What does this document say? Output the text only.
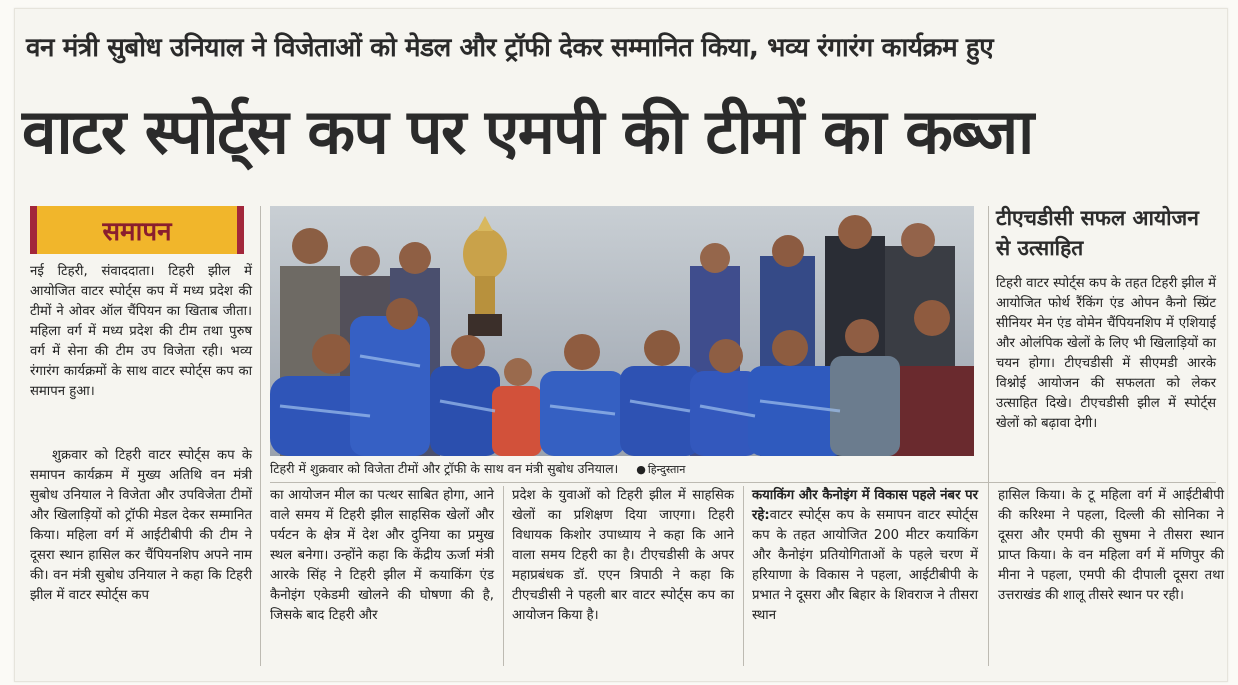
वन मंत्री सुबोध उनियाल ने विजेताओं को मेडल और ट्रॉफी देकर सम्मानित किया, भव्य रंगारंग कार्यक्रम हुए
वाटर स्पोर्ट्स कप पर एमपी की टीमों का कब्जा
समापन

नई टिहरी, संवाददाता। टिहरी झील में आयोजित वाटर स्पोर्ट्स कप में मध्य प्रदेश की टीमों ने ओवर ऑल चैंपियन का खिताब जीता। महिला वर्ग में मध्य प्रदेश की टीम तथा पुरुष वर्ग में सेना की टीम उप विजेता रही। भव्य रंगारंग कार्यक्रमों के साथ वाटर स्पोर्ट्स कप का समापन हुआ।

शुक्रवार को टिहरी वाटर स्पोर्ट्स कप के समापन कार्यक्रम में मुख्य अतिथि वन मंत्री सुबोध उनियाल ने विजेता और उपविजेता टीमों और खिलाड़ियों को ट्रॉफी मेडल देकर सम्मानित किया। महिला वर्ग में आईटीबीपी की टीम ने दूसरा स्थान हासिल कर चैंपियनशिप अपने नाम की। वन मंत्री सुबोध उनियाल ने कहा कि टिहरी झील में वाटर स्पोर्ट्स कप

टिहरी में शुक्रवार को विजेता टीमों और ट्रॉफी के साथ वन मंत्री सुबोध उनियाल। ● हिन्दुस्तान
टीएचडीसी सफल आयोजन से उत्साहित

टिहरी वाटर स्पोर्ट्स कप के तहत टिहरी झील में आयोजित फोर्थ रैंकिंग एंड ओपन कैनो स्प्रिंट सीनियर मेन एंड वोमेन चैंपियनशिप में एशियाई और ओलंपिक खेलों के लिए भी खिलाड़ियों का चयन होगा। टीएचडीसी में सीएमडी आरके विश्नोई आयोजन की सफलता को लेकर उत्साहित दिखे। टीएचडीसी झील में स्पोर्ट्स खेलों को बढ़ावा देगी।

का आयोजन मील का पत्थर साबित होगा, आने वाले समय में टिहरी झील साहसिक खेलों और पर्यटन के क्षेत्र में देश और दुनिया का प्रमुख स्थल बनेगा। उन्होंने कहा कि केंद्रीय ऊर्जा मंत्री आरके सिंह ने टिहरी झील में कयाकिंग एंड कैनोइंग एकेडमी खोलने की घोषणा की है, जिसके बाद टिहरी और

प्रदेश के युवाओं को टिहरी झील में साहसिक खेलों का प्रशिक्षण दिया जाएगा। टिहरी विधायक किशोर उपाध्याय ने कहा कि आने वाला समय टिहरी का है। टीएचडीसी के अपर महाप्रबंधक डॉ. एएन त्रिपाठी ने कहा कि टीएचडीसी ने पहली बार वाटर स्पोर्ट्स कप का आयोजन किया है।

कयाकिंग और कैनोइंग में विकास पहले नंबर पर रहे:वाटर स्पोर्ट्स कप के समापन वाटर स्पोर्ट्स कप के तहत आयोजित 200 मीटर कयाकिंग और कैनोइंग प्रतियोगिताओं के पहले चरण में हरियाणा के विकास ने पहला, आईटीबीपी के प्रभात ने दूसरा और बिहार के शिवराज ने तीसरा स्थान

हासिल किया। के टू महिला वर्ग में आईटीबीपी की करिश्मा ने पहला, दिल्ली की सोनिका ने दूसरा और एमपी की सुषमा ने तीसरा स्थान प्राप्त किया। के वन महिला वर्ग में मणिपुर की मीना ने पहला, एमपी की दीपाली दूसरा तथा उत्तराखंड की शालू तीसरे स्थान पर रही।
